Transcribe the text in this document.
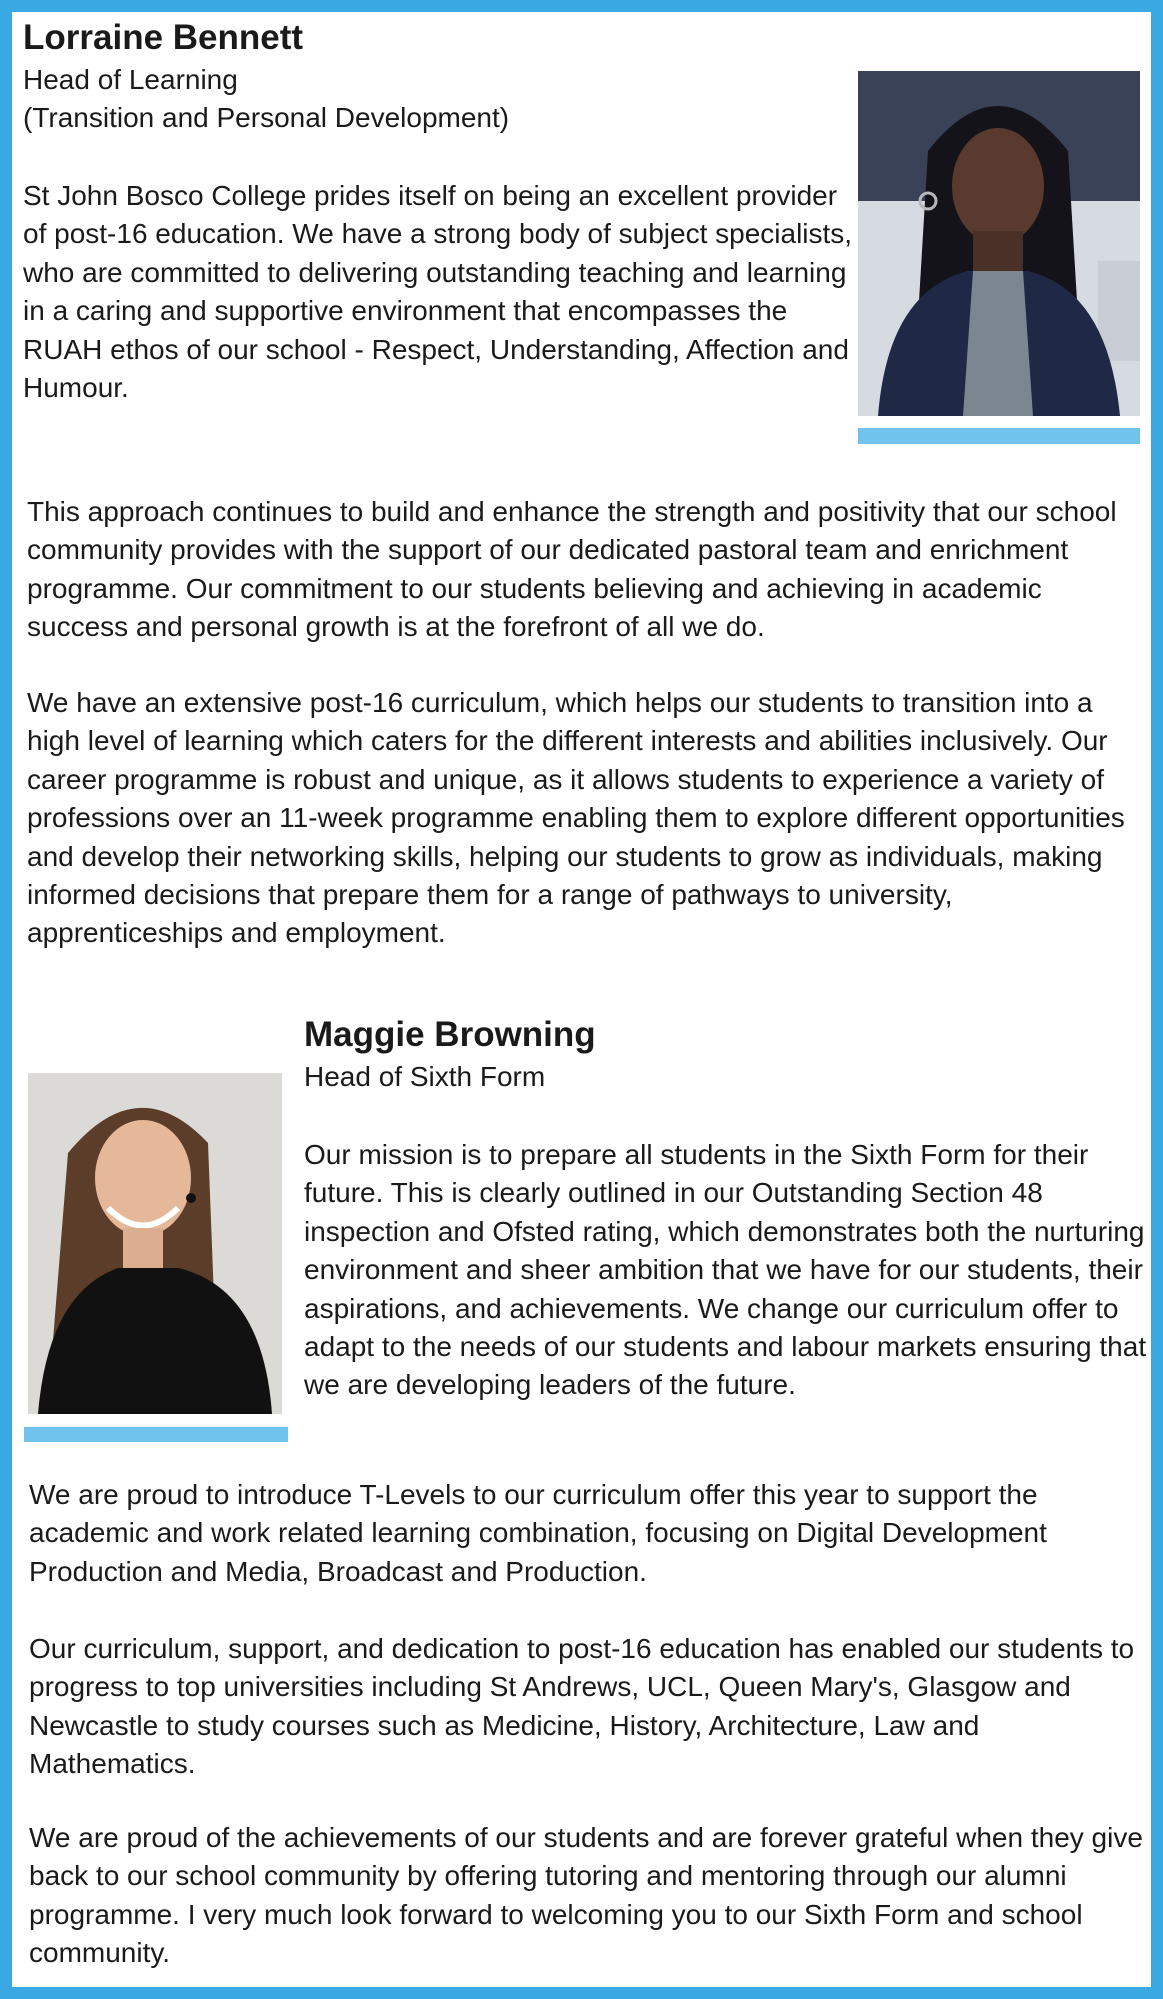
Lorraine Bennett

Head of Learning

(Transition and Personal Development)

St John Bosco College prides itself on being an excellent provider of post-16 education. We have a strong body of subject specialists, who are committed to delivering outstanding teaching and learning in a caring and supportive environment that encompasses the RUAH ethos of our school - Respect, Understanding, Affection and Humour.

This approach continues to build and enhance the strength and positivity that our school community provides with the support of our dedicated pastoral team and enrichment programme. Our commitment to our students believing and achieving in academic success and personal growth is at the forefront of all we do.

We have an extensive post-16 curriculum, which helps our students to transition into a high level of learning which caters for the different interests and abilities inclusively. Our career programme is robust and unique, as it allows students to experience a variety of professions over an 11-week programme enabling them to explore different opportunities and develop their networking skills, helping our students to grow as individuals, making informed decisions that prepare them for a range of pathways to university, apprenticeships and employment.

Maggie Browning

Head of Sixth Form

Our mission is to prepare all students in the Sixth Form for their future. This is clearly outlined in our Outstanding Section 48 inspection and Ofsted rating, which demonstrates both the nurturing environment and sheer ambition that we have for our students, their aspirations, and achievements. We change our curriculum offer to adapt to the needs of our students and labour markets ensuring that we are developing leaders of the future.

We are proud to introduce T-Levels to our curriculum offer this year to support the academic and work related learning combination, focusing on Digital Development Production and Media, Broadcast and Production.

Our curriculum, support, and dedication to post-16 education has enabled our students to progress to top universities including St Andrews, UCL, Queen Mary's, Glasgow and Newcastle to study courses such as Medicine, History, Architecture, Law and Mathematics.

We are proud of the achievements of our students and are forever grateful when they give back to our school community by offering tutoring and mentoring through our alumni programme. I very much look forward to welcoming you to our Sixth Form and school community.
